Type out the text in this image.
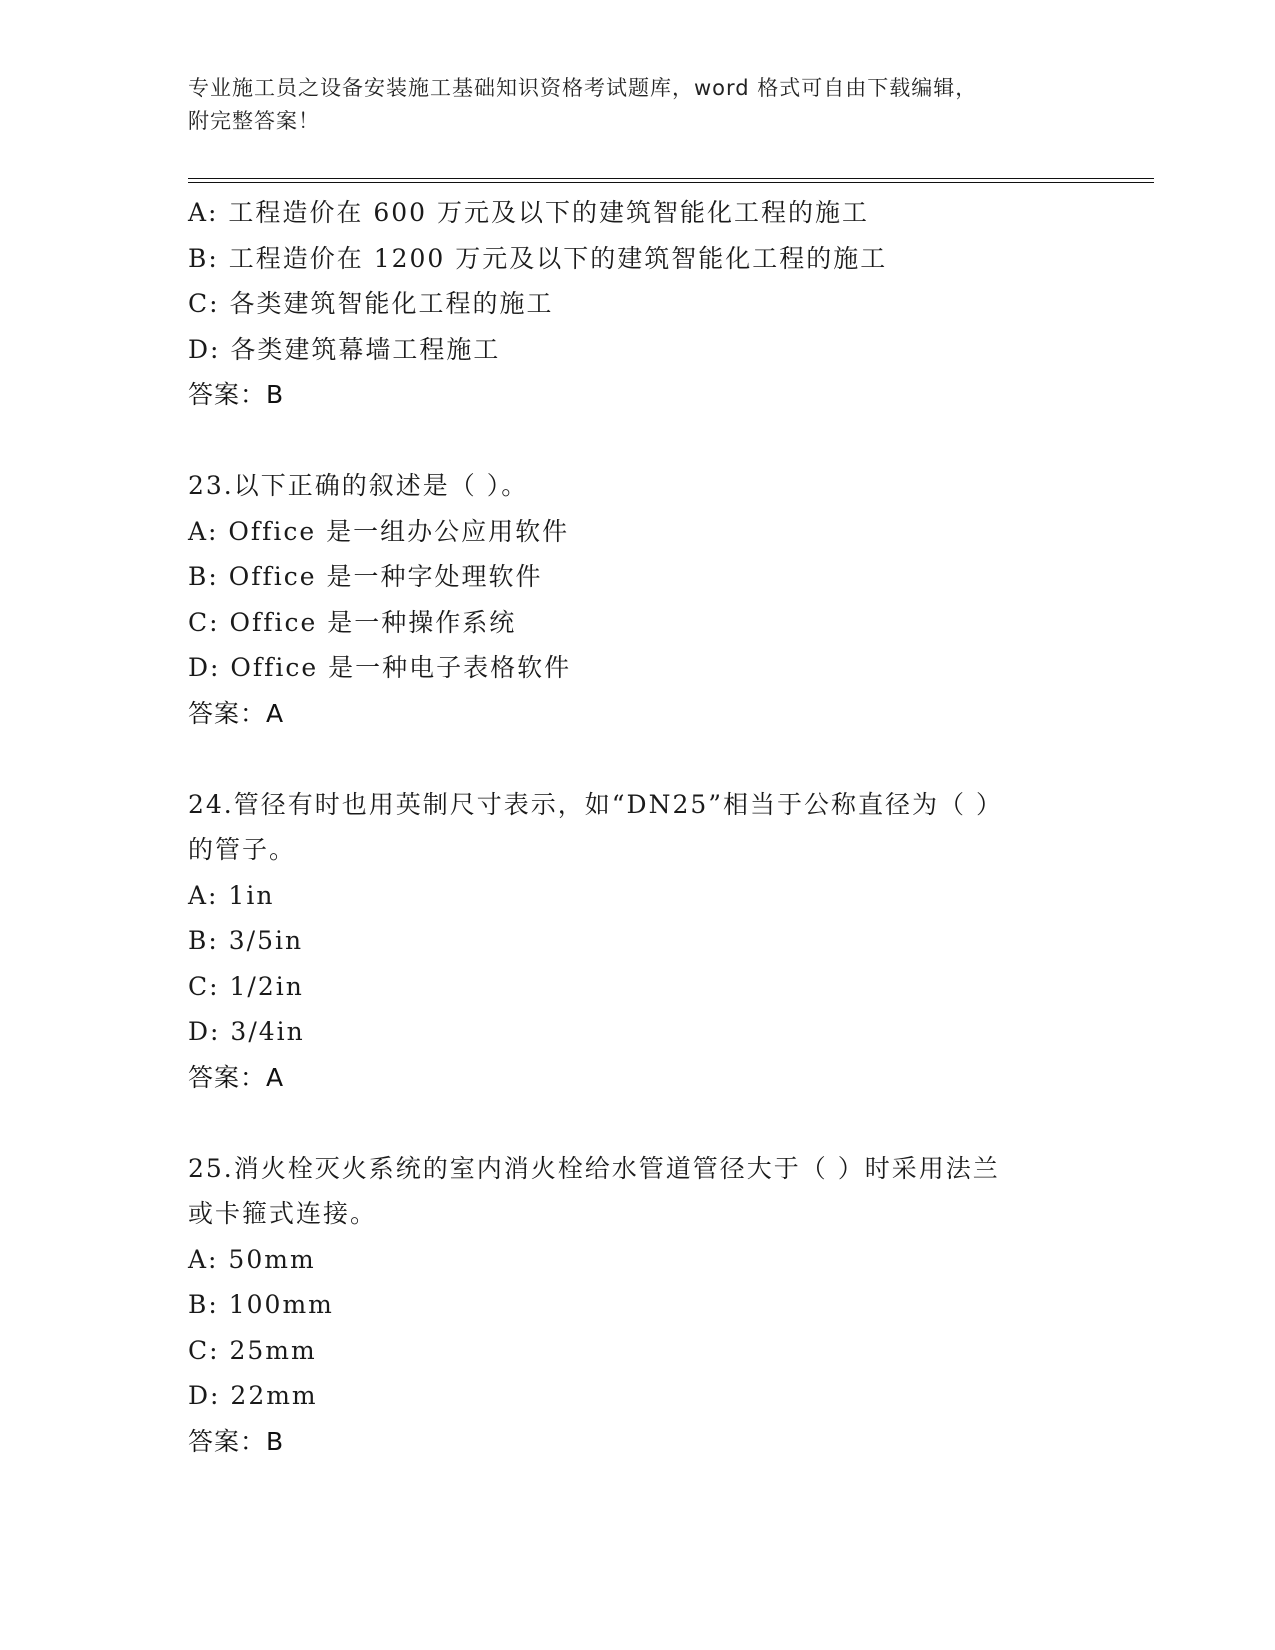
专业施工员之设备安装施工基础知识资格考试题库，word 格式可自由下载编辑，
附完整答案！
A: 工程造价在 600 万元及以下的建筑智能化工程的施工
B: 工程造价在 1200 万元及以下的建筑智能化工程的施工
C: 各类建筑智能化工程的施工
D: 各类建筑幕墙工程施工
答案：B
23.以下正确的叙述是（ ）。
A: Office 是一组办公应用软件
B: Office 是一种字处理软件
C: Office 是一种操作系统
D: Office 是一种电子表格软件
答案：A
24.管径有时也用英制尺寸表示，如“DN25”相当于公称直径为（ ）
的管子。
A: 1in
B: 3/5in
C: 1/2in
D: 3/4in
答案：A
25.消火栓灭火系统的室内消火栓给水管道管径大于（ ）时采用法兰
或卡箍式连接。
A: 50mm
B: 100mm
C: 25mm
D: 22mm
答案：B
